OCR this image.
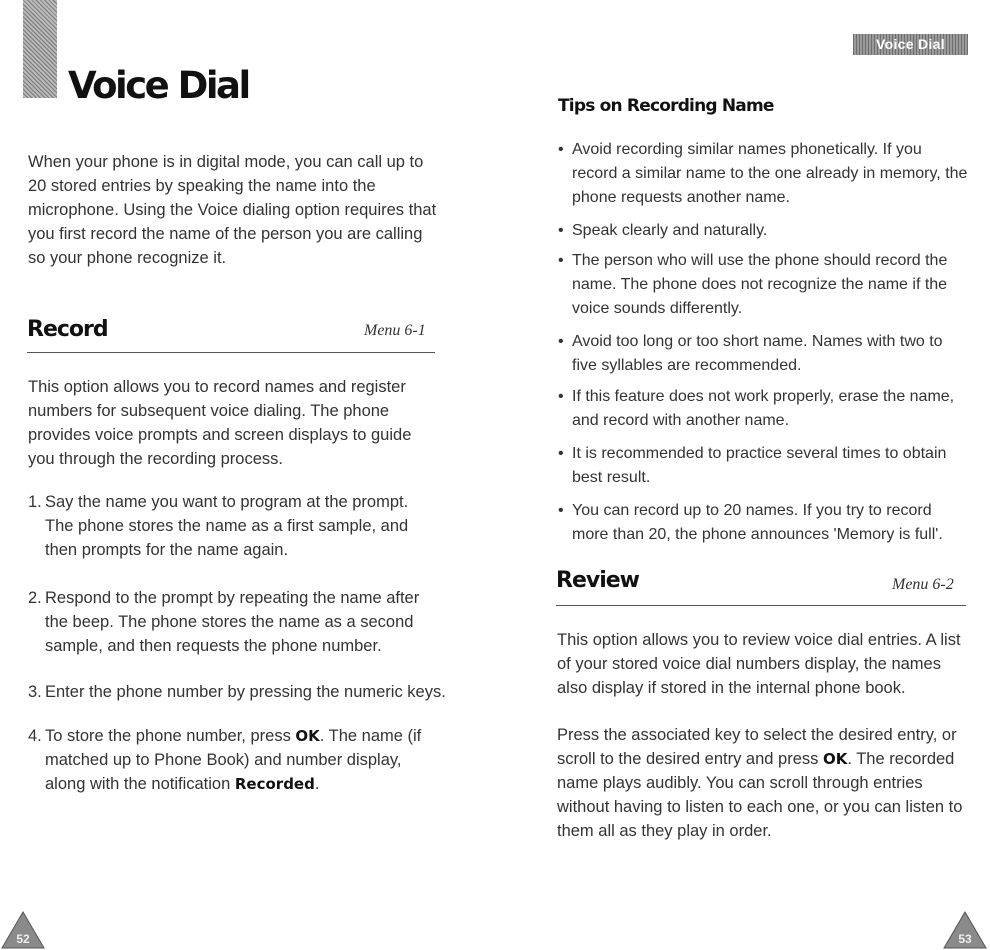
Voice Dial

When your phone is in digital mode, you can call up to 20 stored entries by speaking the name into the microphone. Using the Voice dialing option requires that you first record the name of the person you are calling so your phone recognize it.

Record	Menu 6-1

This option allows you to record names and register numbers for subsequent voice dialing. The phone provides voice prompts and screen displays to guide you through the recording process.

1. Say the name you want to program at the prompt. The phone stores the name as a first sample, and then prompts for the name again.
2. Respond to the prompt by repeating the name after the beep. The phone stores the name as a second sample, and then requests the phone number.
3. Enter the phone number by pressing the numeric keys.
4. To store the phone number, press OK. The name (if matched up to Phone Book) and number display, along with the notification Recorded.
52
Voice Dial
Tips on Recording Name
• Avoid recording similar names phonetically. If you record a similar name to the one already in memory, the phone requests another name.
• Speak clearly and naturally.
• The person who will use the phone should record the name. The phone does not recognize the name if the voice sounds differently.
• Avoid too long or too short name. Names with two to five syllables are recommended.
• If this feature does not work properly, erase the name, and record with another name.
• It is recommended to practice several times to obtain best result.
• You can record up to 20 names. If you try to record more than 20, the phone announces 'Memory is full'.
Review	Menu 6-2

This option allows you to review voice dial entries. A list of your stored voice dial numbers display, the names also display if stored in the internal phone book.

Press the associated key to select the desired entry, or scroll to the desired entry and press OK. The recorded name plays audibly. You can scroll through entries without having to listen to each one, or you can listen to them all as they play in order.

53
